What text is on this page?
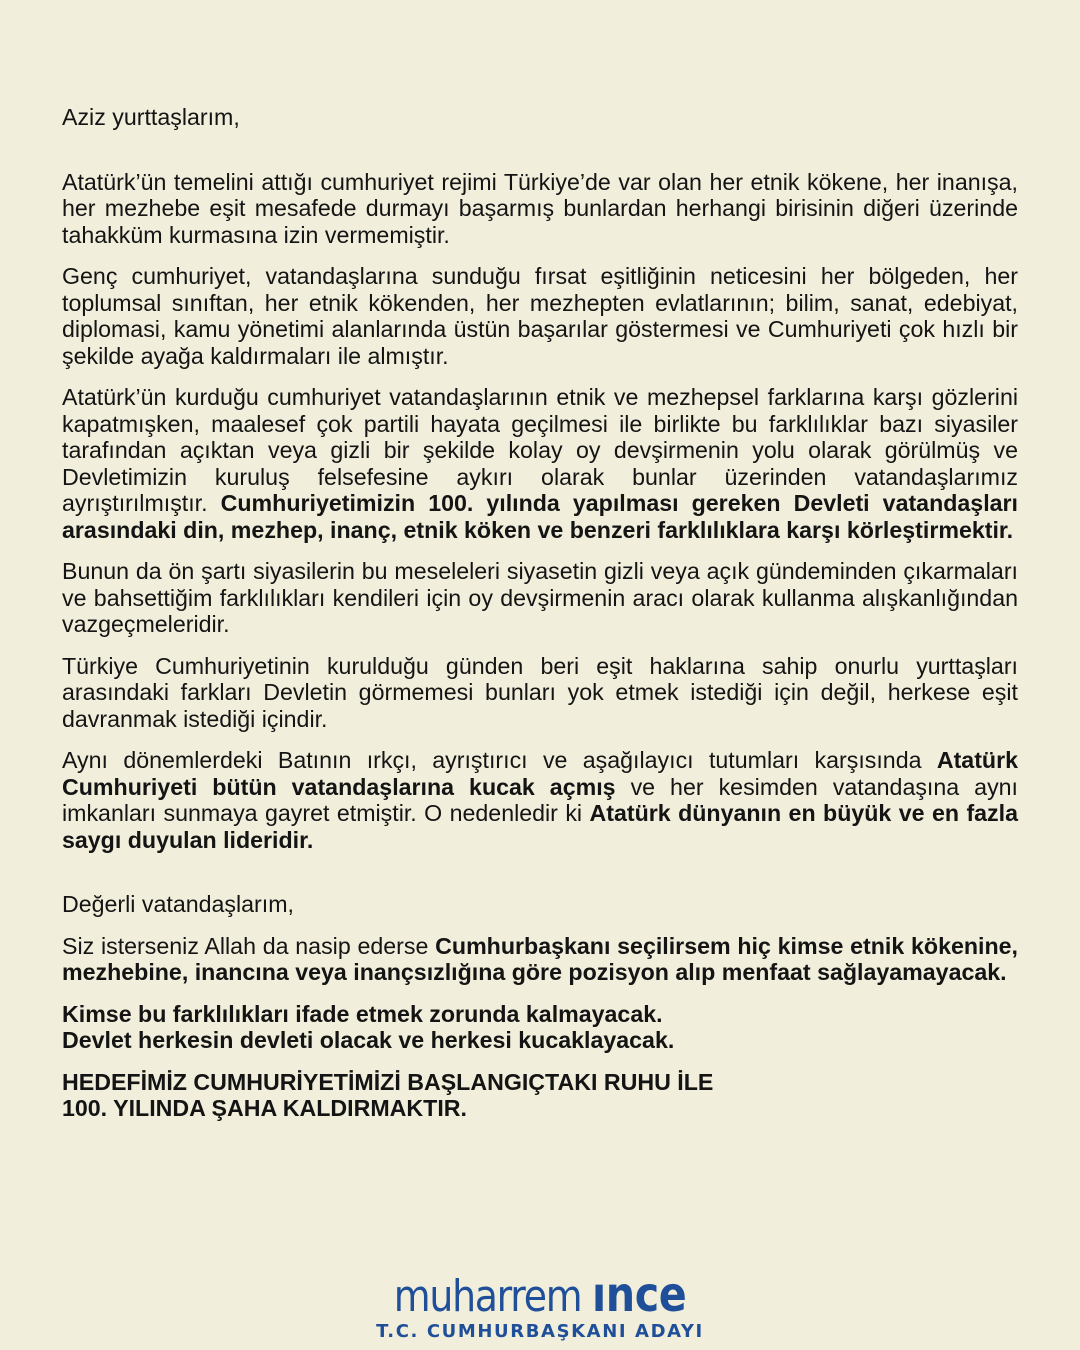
Aziz yurttaşlarım,

Atatürk’ün temelini attığı cumhuriyet rejimi Türkiye’de var olan her etnik kökene, her inanışa, her mezhebe eşit mesafede durmayı başarmış bunlardan herhangi birisinin diğeri üzerinde tahakküm kurmasına izin vermemiştir.

Genç cumhuriyet, vatandaşlarına sunduğu fırsat eşitliğinin neticesini her bölgeden, her toplumsal sınıftan, her etnik kökenden, her mezhepten evlatlarının; bilim, sanat, edebiyat, diplomasi, kamu yönetimi alanlarında üstün başarılar göstermesi ve Cumhuriyeti çok hızlı bir şekilde ayağa kaldırmaları ile almıştır.

Atatürk’ün kurduğu cumhuriyet vatandaşlarının etnik ve mezhepsel farklarına karşı gözlerini kapatmışken, maalesef çok partili hayata geçilmesi ile birlikte bu farklılıklar bazı siyasiler tarafından açıktan veya gizli bir şekilde kolay oy devşirmenin yolu olarak görülmüş ve Devletimizin kuruluş felsefesine aykırı olarak bunlar üzerinden vatandaşlarımız ayrıştırılmıştır. Cumhuriyetimizin 100. yılında yapılması gereken Devleti vatandaşları arasındaki din, mezhep, inanç, etnik köken ve benzeri farklılıklara karşı körleştirmektir.

Bunun da ön şartı siyasilerin bu meseleleri siyasetin gizli veya açık gündeminden çıkarmaları ve bahsettiğim farklılıkları kendileri için oy devşirmenin aracı olarak kullanma alışkanlığından vazgeçmeleridir.

Türkiye Cumhuriyetinin kurulduğu günden beri eşit haklarına sahip onurlu yurttaşları arasındaki farkları Devletin görmemesi bunları yok etmek istediği için değil, herkese eşit davranmak istediği içindir.

Aynı dönemlerdeki Batının ırkçı, ayrıştırıcı ve aşağılayıcı tutumları karşısında Atatürk Cumhuriyeti bütün vatandaşlarına kucak açmış ve her kesimden vatandaşına aynı imkanları sunmaya gayret etmiştir. O nedenledir ki Atatürk dünyanın en büyük ve en fazla saygı duyulan lideridir.

Değerli vatandaşlarım,

Siz isterseniz Allah da nasip ederse Cumhurbaşkanı seçilirsem hiç kimse etnik kökenine, mezhebine, inancına veya inançsızlığına göre pozisyon alıp menfaat sağlayamayacak.

Kimse bu farklılıkları ifade etmek zorunda kalmayacak.
Devlet herkesin devleti olacak ve herkesi kucaklayacak.

HEDEFİMİZ CUMHURİYETİMİZİ BAŞLANGIÇTAKI RUHU İLE
100. YILINDA ŞAHA KALDIRMAKTIR.

muharrem ınce
T.C. CUMHURBAŞKANI ADAYI
